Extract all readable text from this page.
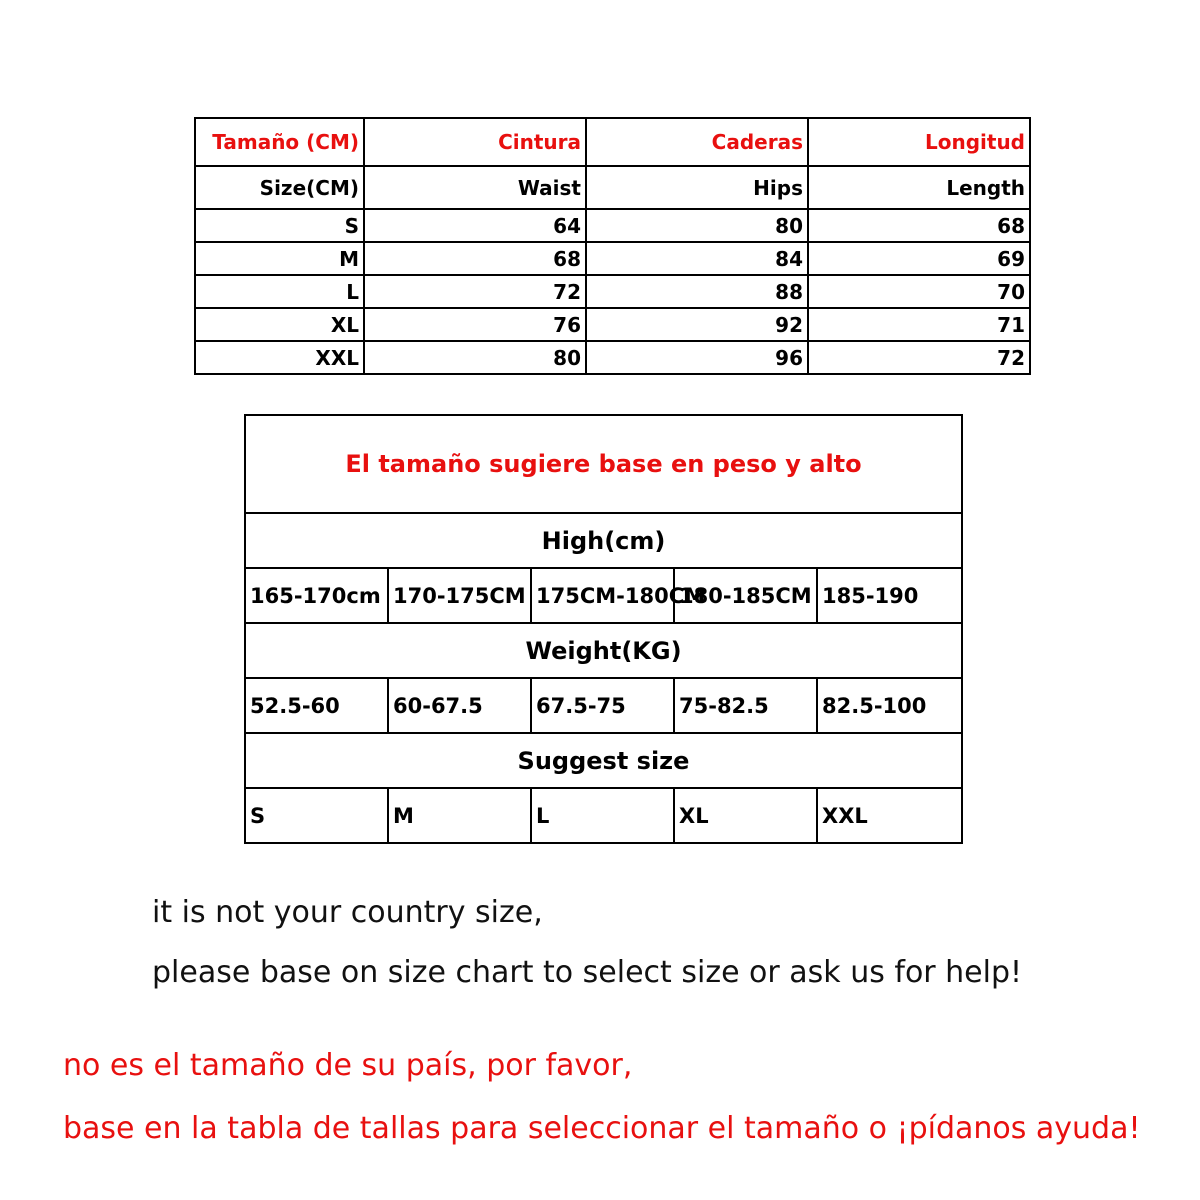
Tamaño (CM)	Cintura	Caderas	Longitud
Size(CM)	Waist	Hips	Length
S	64	80	68
M	68	84	69
L	72	88	70
XL	76	92	71
XXL	80	96	72
El tamaño sugiere base en peso y alto				
High(cm)				
165-170cm	170-175CM	175CM-180CM	180-185CM	185-190
Weight(KG)				
52.5-60	60-67.5	67.5-75	75-82.5	82.5-100
Suggest size				
S	M	L	XL	XXL

it is not your country size,

please base on size chart to select size or ask us for help!

no es el tamaño de su país, por favor,

base en la tabla de tallas para seleccionar el tamaño o ¡pídanos ayuda!
